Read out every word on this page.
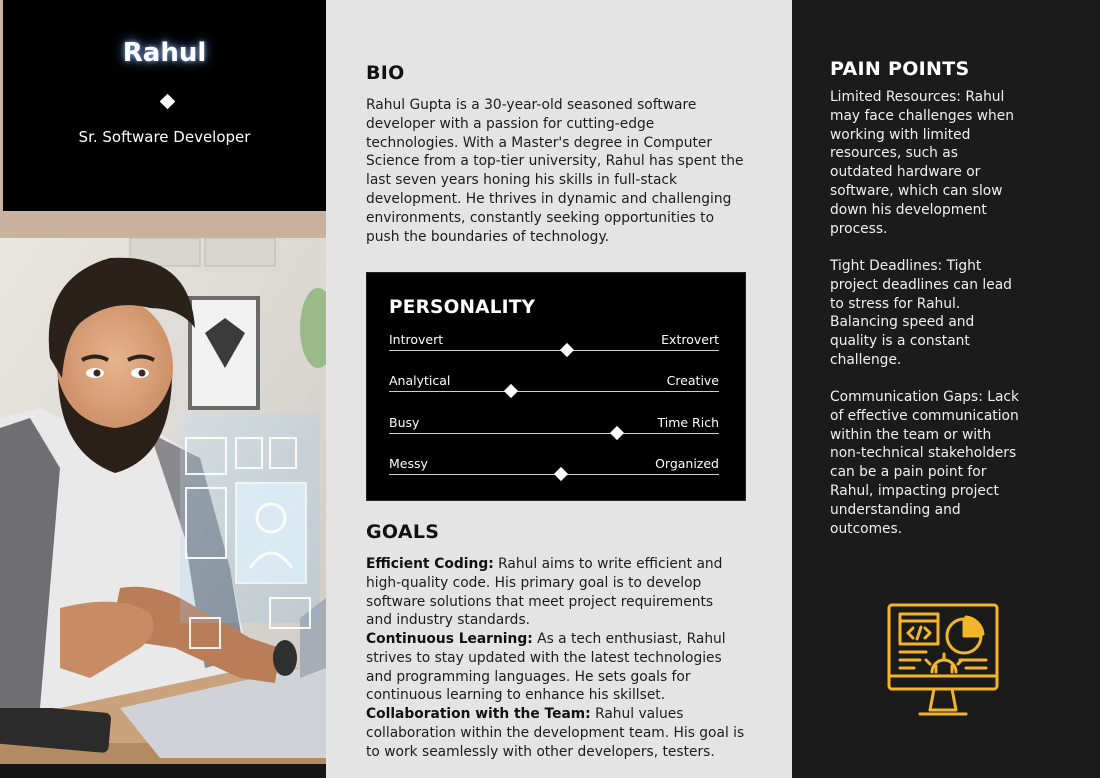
Rahul
Sr. Software Developer
BIO
Rahul Gupta is a 30-year-old seasoned software
developer with a passion for cutting-edge
technologies. With a Master's degree in Computer
Science from a top-tier university, Rahul has spent the
last seven years honing his skills in full-stack
development. He thrives in dynamic and challenging
environments, constantly seeking opportunities to
push the boundaries of technology.
PERSONALITY
Introvert	Extrovert
Analytical	Creative
Busy	Time Rich
Messy	Organized
GOALS
Efficient Coding: Rahul aims to write efficient and
high-quality code. His primary goal is to develop
software solutions that meet project requirements
and industry standards.
Continuous Learning: As a tech enthusiast, Rahul
strives to stay updated with the latest technologies
and programming languages. He sets goals for
continuous learning to enhance his skillset.
Collaboration with the Team: Rahul values
collaboration within the development team. His goal is
to work seamlessly with other developers, testers.
PAIN POINTS
Limited Resources: Rahul
may face challenges when
working with limited
resources, such as
outdated hardware or
software, which can slow
down his development
process.
Tight Deadlines: Tight
project deadlines can lead
to stress for Rahul.
Balancing speed and
quality is a constant
challenge.
Communication Gaps: Lack
of effective communication
within the team or with
non-technical stakeholders
can be a pain point for
Rahul, impacting project
understanding and
outcomes.
